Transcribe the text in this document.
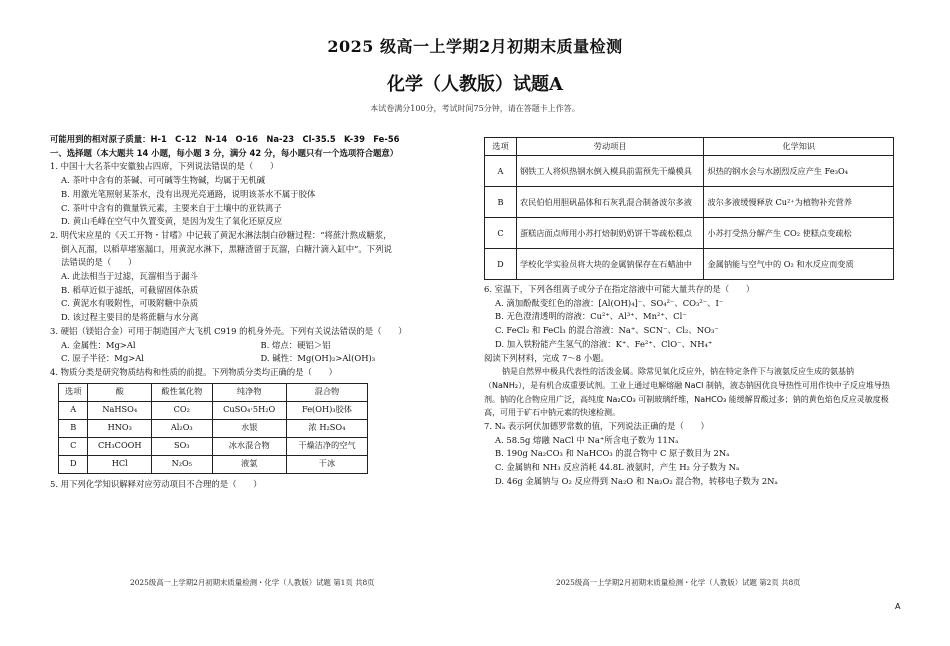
2025 级高一上学期2月初期末质量检测
化学（人教版）试题A
本试卷满分100分，考试时间75分钟，请在答题卡上作答。
可能用到的相对原子质量：H-1　C-12　N-14　O-16　Na-23　Cl-35.5　K-39　Fe-56
一、选择题（本大题共 14 小题，每小题 3 分，满分 42 分，每小题只有一个选项符合题意）
1. 中国十大名茶中安徽独占四席，下列说法错误的是（　　）
A. 茶叶中含有的茶碱、可可碱等生物碱，均属于无机碱
B. 用激光笔照射某茶水，没有出现光亮通路，说明该茶水不属于胶体
C. 茶叶中含有的微量铁元素，主要来自于土壤中的亚铁离子
D. 黄山毛峰在空气中久置变黄，是因为发生了氧化还原反应
2. 明代宋应星的《天工开物・甘嗜》中记载了黄泥水淋法制白砂糖过程：“将蔗汁熬成糖浆，
倒入瓦溜，以稻草堵塞漏口，用黄泥水淋下，黑糖渣留于瓦溜，白糖汁滴入缸中”。下列说
法错误的是（　　）
A. 此法相当于过滤，瓦溜相当于漏斗
B. 稻草近似于滤纸，可截留固体杂质
C. 黄泥水有吸附性，可吸附糖中杂质
D. 该过程主要目的是将蔗糖与水分离
3. 硬铝（镁铝合金）可用于制造国产大飞机 C919 的机身外壳。下列有关说法错误的是（　　）
A. 金属性：Mg>Al	B. 熔点：硬铝＞铝
C. 原子半径：Mg>Al	D. 碱性：Mg(OH)₂>Al(OH)₃
4. 物质分类是研究物质结构和性质的前提。下列物质分类均正确的是（　　）
选项	酸	酸性氧化物	纯净物	混合物
A	NaHSO₄	CO₂	CuSO₄·5H₂O	Fe(OH)₃胶体
B	HNO₃	Al₂O₃	水银	浓 H₂SO₄
C	CH₃COOH	SO₃	冰水混合物	干燥洁净的空气
D	HCl	N₂O₅	液氯	干冰
5. 用下列化学知识解释对应劳动项目不合理的是（　　）
2025级高一上学期2月初期末质量检测・化学（人教版）试题 第1页 共8页
选项	劳动项目	化学知识
A	钢铁工人将炽热钢水倒入模具前需预先干燥模具	炽热的钢水会与水剧烈反应产生 Fe₃O₄
B	农民伯伯用胆矾晶体和石灰乳混合制备波尔多液	波尔多液缓慢释放 Cu²⁺为植物补充营养
C	蛋糕店面点师用小苏打焙制奶奶饼干等疏松糕点	小苏打受热分解产生 CO₂ 使糕点变疏松
D	学校化学实验员将大块的金属钠保存在石蜡油中	金属钠能与空气中的 O₂ 和水反应而变质
6. 室温下，下列各组离子或分子在指定溶液中可能大量共存的是（　　）
A. 滴加酚酞变红色的溶液：[Al(OH)₄]⁻、SO₄²⁻、CO₃²⁻、I⁻
B. 无色澄清透明的溶液：Cu²⁺、Al³⁺、Mn²⁺、Cl⁻
C. FeCl₂ 和 FeCl₃ 的混合溶液：Na⁺、SCN⁻、Cl₂、NO₃⁻
D. 加入铁粉能产生氢气的溶液：K⁺、Fe²⁺、ClO⁻、NH₄⁺
阅读下列材料，完成 7～8 小题。
钠是自然界中极具代表性的活泼金属。除常见氧化反应外，钠在特定条件下与液氨反应生成的氨基钠（NaNH₂），是有机合成重要试剂。工业上通过电解熔融 NaCl 制钠，液态钠因优良导热性可用作快中子反应堆导热剂。钠的化合物应用广泛，高纯度 Na₂CO₃ 可制玻璃纤维，NaHCO₃ 能缓解胃酸过多；钠的黄色焰色反应灵敏度极高，可用于矿石中钠元素的快速检测。
7. Nₐ 表示阿伏加德罗常数的值，下列说法正确的是（　　）
A. 58.5g 熔融 NaCl 中 Na⁺所含电子数为 11Nₐ
B. 190g Na₂CO₃ 和 NaHCO₃ 的混合物中 C 原子数目为 2Nₐ
C. 金属钠和 NH₃ 反应消耗 44.8L 液氨时，产生 H₂ 分子数为 Nₐ
D. 46g 金属钠与 O₂ 反应得到 Na₂O 和 Na₂O₂ 混合物，转移电子数为 2Nₐ
2025级高一上学期2月初期末质量检测・化学（人教版）试题 第2页 共8页
A
